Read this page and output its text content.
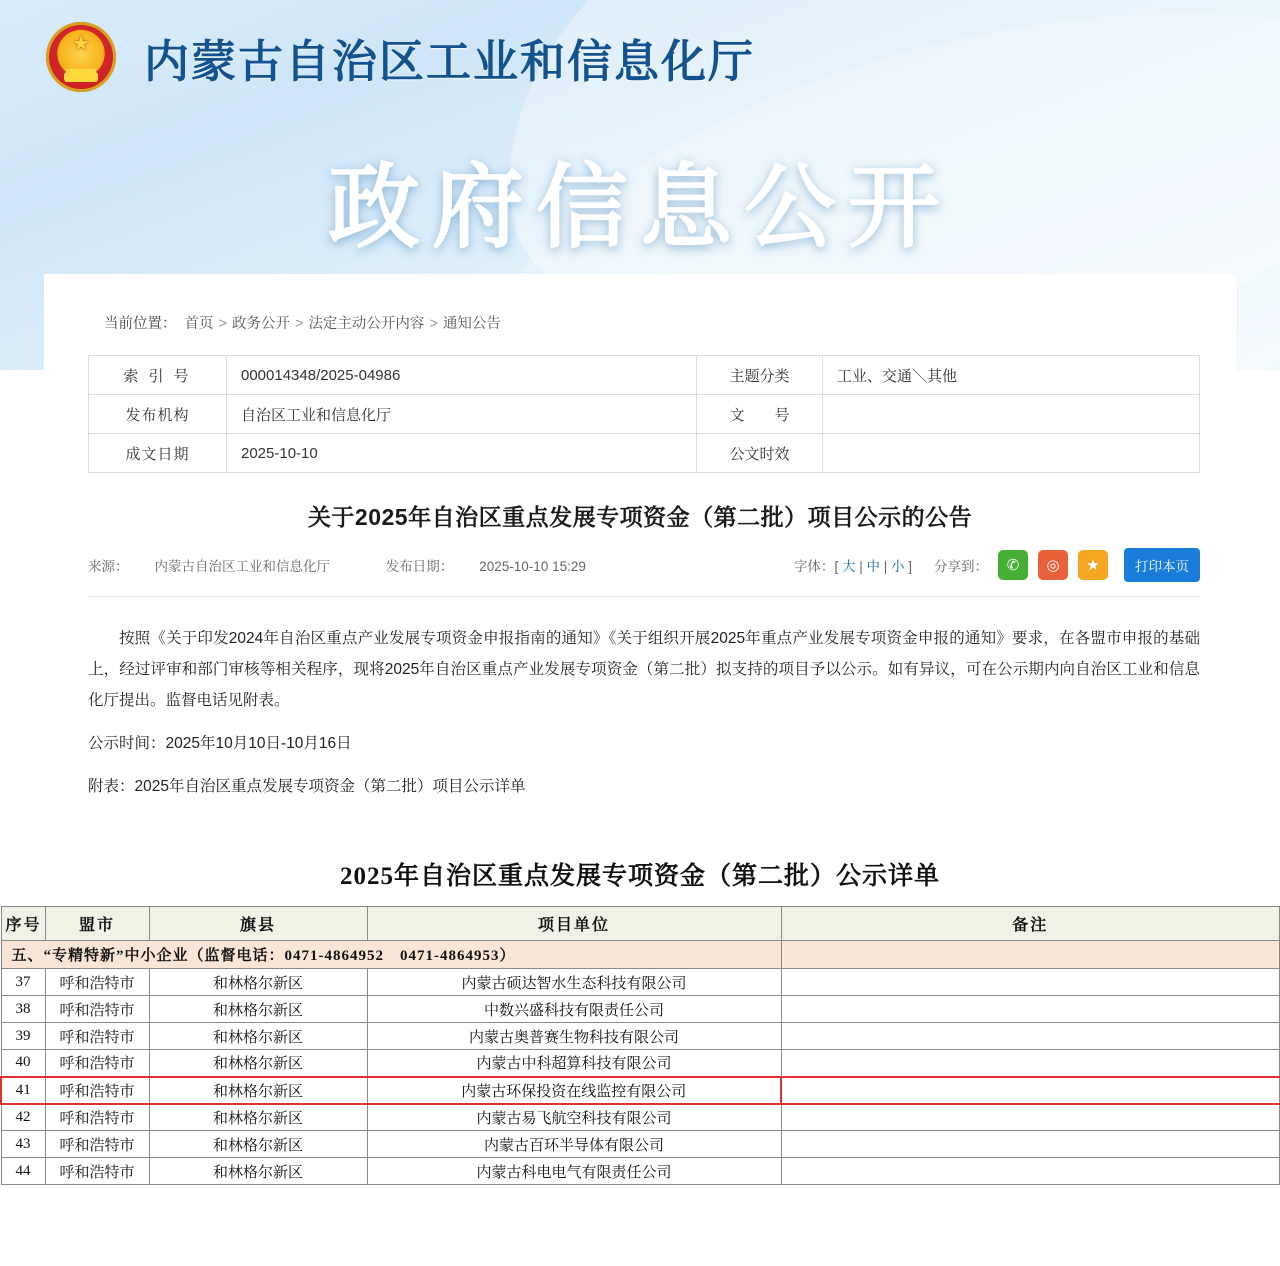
★ 内蒙古自治区工业和信息化厅
政府信息公开
当前位置： 首页 > 政务公开 > 法定主动公开内容 > 通知公告
索 引 号	000014348/2025-04986	主题分类	工业、交通＼其他
发布机构	自治区工业和信息化厅	文　　号	
成文日期	2025-10-10	公文时效	
关于2025年自治区重点发展专项资金（第二批）项目公示的公告
来源： 内蒙古自治区工业和信息化厅	发布日期： 2025-10-10 15:29	字体：[ 大 | 中 | 小 ] 分享到：	✆	◎	★	打印本页

按照《关于印发2024年自治区重点产业发展专项资金申报指南的通知》《关于组织开展2025年重点产业发展专项资金申报的通知》要求，在各盟市申报的基础上，经过评审和部门审核等相关程序，现将2025年自治区重点产业发展专项资金（第二批）拟支持的项目予以公示。如有异议，可在公示期内向自治区工业和信息化厅提出。监督电话见附表。

公示时间：2025年10月10日-10月16日

附表：2025年自治区重点发展专项资金（第二批）项目公示详单

2025年自治区重点发展专项资金（第二批）公示详单
序号	盟市	旗县	项目单位	备注
五、“专精特新”中小企业（监督电话：0471-4864952　0471-4864953）				
37	呼和浩特市	和林格尔新区	内蒙古硕达智水生态科技有限公司	
38	呼和浩特市	和林格尔新区	中数兴盛科技有限责任公司	
39	呼和浩特市	和林格尔新区	内蒙古奥普赛生物科技有限公司	
40	呼和浩特市	和林格尔新区	内蒙古中科超算科技有限公司	
41	呼和浩特市	和林格尔新区	内蒙古环保投资在线监控有限公司	
42	呼和浩特市	和林格尔新区	内蒙古易飞航空科技有限公司	
43	呼和浩特市	和林格尔新区	内蒙古百环半导体有限公司	
44	呼和浩特市	和林格尔新区	内蒙古科电电气有限责任公司	
